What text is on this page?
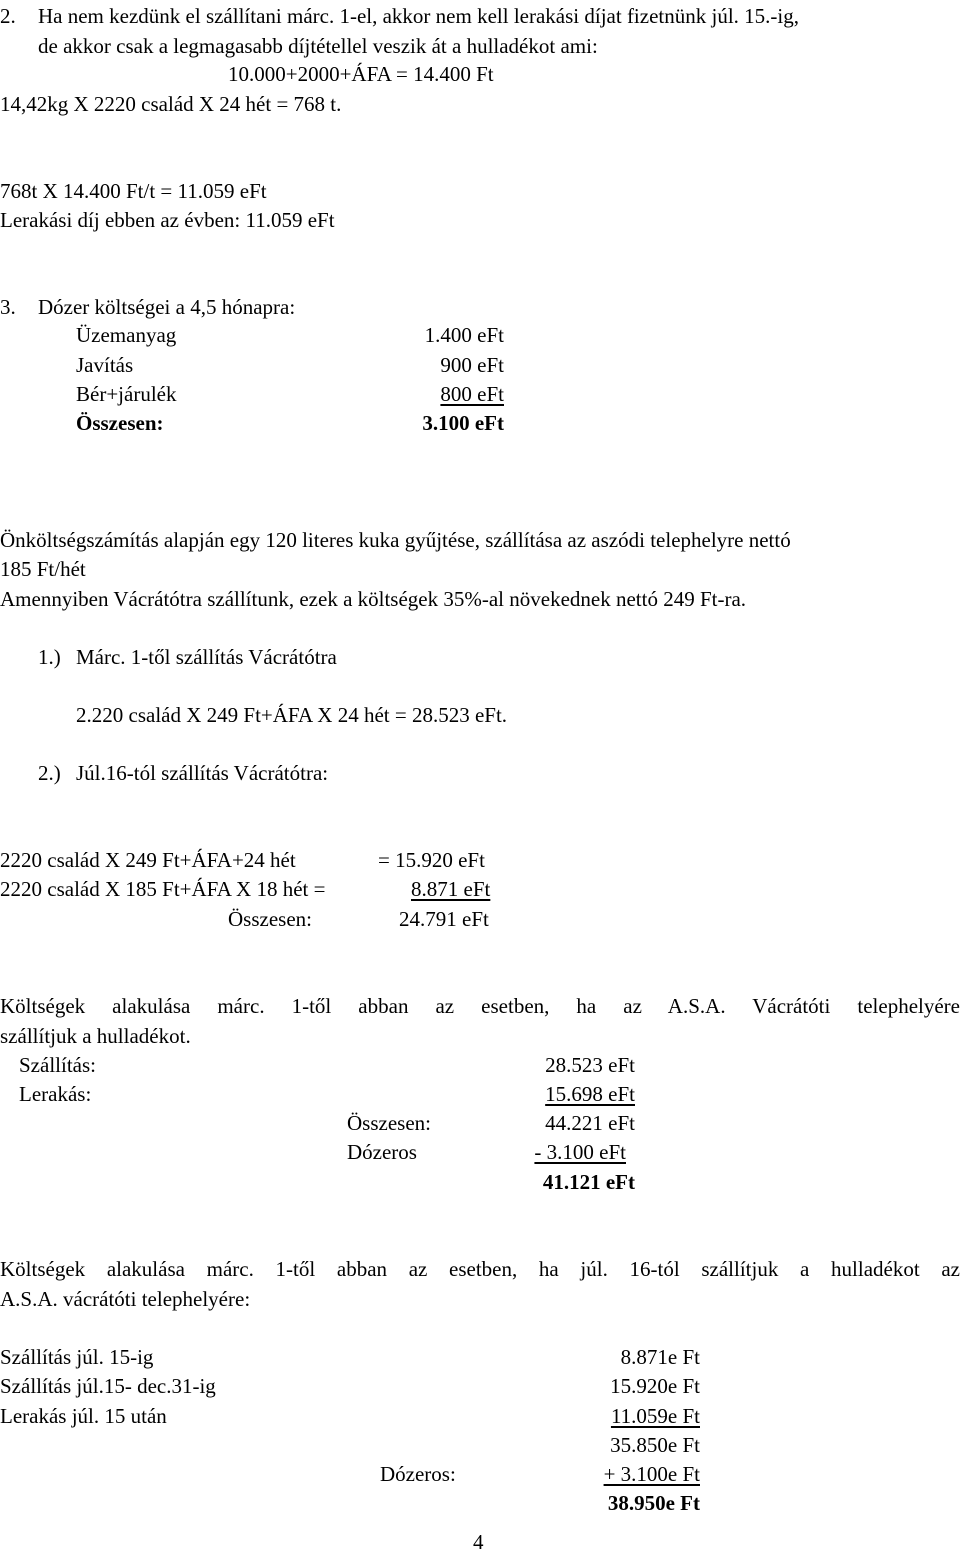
2. Ha nem kezdünk el szállítani márc. 1-el, akkor nem kell lerakási díjat fizetnünk júl. 15.-ig,
de akkor csak a legmagasabb díjtétellel veszik át a hulladékot ami:
10.000+2000+ÁFA = 14.400 Ft
14,42kg X 2220 család X 24 hét = 768 t.
768t X 14.400 Ft/t = 11.059 eFt
Lerakási díj ebben az évben: 11.059 eFt
3. Dózer költségei a 4,5 hónapra:
Üzemanyag	1.400 eFt
Javítás	900 eFt
Bér+járulék	800 eFt
Összesen:	3.100 eFt
Önköltségszámítás alapján egy 120 literes kuka gyűjtése, szállítása az aszódi telephelyre nettó
185 Ft/hét
Amennyiben Vácrátótra szállítunk, ezek a költségek 35%-al növekednek nettó 249 Ft-ra.
1.) Márc. 1-től szállítás Vácrátótra
2.220 család X 249 Ft+ÁFA X 24 hét = 28.523 eFt.
2.) Júl.16-tól szállítás Vácrátótra:
2220 család X 249 Ft+ÁFA+24 hét	= 15.920 eFt
2220 család X 185 Ft+ÁFA X 18 hét =	8.871 eFt
Összesen:	24.791 eFt
Költségek alakulása márc. 1-től abban az esetben, ha az A.S.A. Vácrátóti telephelyére
szállítjuk a hulladékot.
Szállítás:	28.523 eFt
Lerakás:	15.698 eFt
Összesen:	44.221 eFt
Dózeros	- 3.100 eFt
41.121 eFt
Költségek alakulása márc. 1-től abban az esetben, ha júl. 16-tól szállítjuk a hulladékot az
A.S.A. vácrátóti telephelyére:
Szállítás júl. 15-ig	8.871e Ft
Szállítás júl.15- dec.31-ig	15.920e Ft
Lerakás júl. 15 után	11.059e Ft
35.850e Ft
Dózeros:	+ 3.100e Ft
38.950e Ft
4
